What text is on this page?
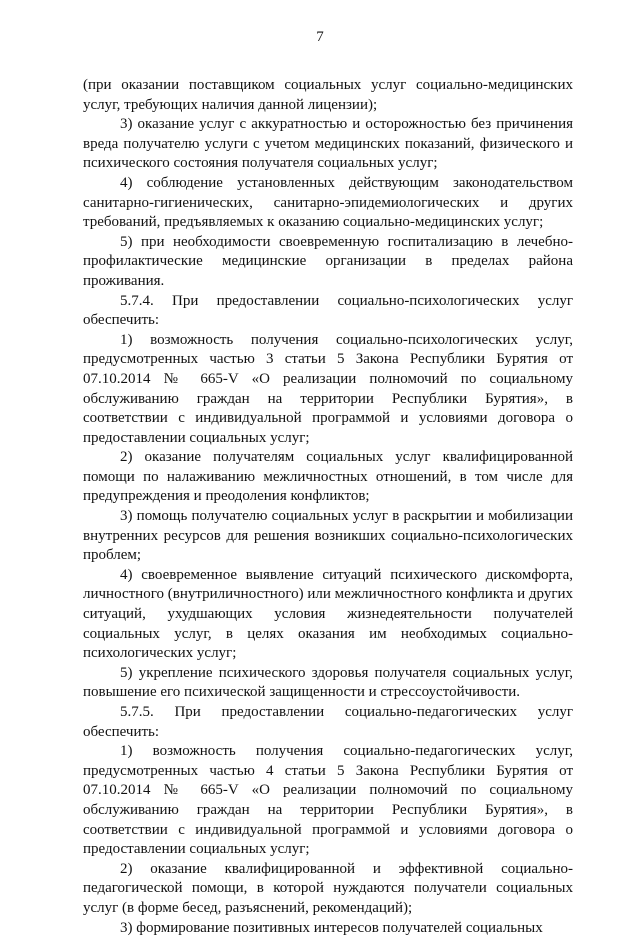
7

(при оказании поставщиком социальных услуг социально-медицинских услуг, требующих наличия данной лицензии);

3) оказание услуг с аккуратностью и осторожностью без причинения вреда получателю услуги с учетом медицинских показаний, физического и психического состояния получателя социальных услуг;

4) соблюдение установленных действующим законодательством санитарно-гигиенических, санитарно-эпидемиологических и других требований, предъявляемых к оказанию социально-медицинских услуг;

5) при необходимости своевременную госпитализацию в лечебно-профилактические медицинские организации в пределах района проживания.

5.7.4. При предоставлении социально-психологических услуг обеспечить:

1) возможность получения социально-психологических услуг, предусмотренных частью 3 статьи 5 Закона Республики Бурятия от 07.10.2014 № 665-V «О реализации полномочий по социальному обслуживанию граждан на территории Республики Бурятия», в соответствии с индивидуальной программой и условиями договора о предоставлении социальных услуг;

2) оказание получателям социальных услуг квалифицированной помощи по налаживанию межличностных отношений, в том числе для предупреждения и преодоления конфликтов;

3) помощь получателю социальных услуг в раскрытии и мобилизации внутренних ресурсов для решения возникших социально-психологических проблем;

4) своевременное выявление ситуаций психического дискомфорта, личностного (внутриличностного) или межличностного конфликта и других ситуаций, ухудшающих условия жизнедеятельности получателей социальных услуг, в целях оказания им необходимых социально-психологических услуг;

5) укрепление психического здоровья получателя социальных услуг, повышение его психической защищенности и стрессоустойчивости.

5.7.5. При предоставлении социально-педагогических услуг обеспечить:

1) возможность получения социально-педагогических услуг, предусмотренных частью 4 статьи 5 Закона Республики Бурятия от 07.10.2014 № 665-V «О реализации полномочий по социальному обслуживанию граждан на территории Республики Бурятия», в соответствии с индивидуальной программой и условиями договора о предоставлении социальных услуг;

2) оказание квалифицированной и эффективной социально-педагогической помощи, в которой нуждаются получатели социальных услуг (в форме бесед, разъяснений, рекомендаций);

3) формирование позитивных интересов получателей социальных
